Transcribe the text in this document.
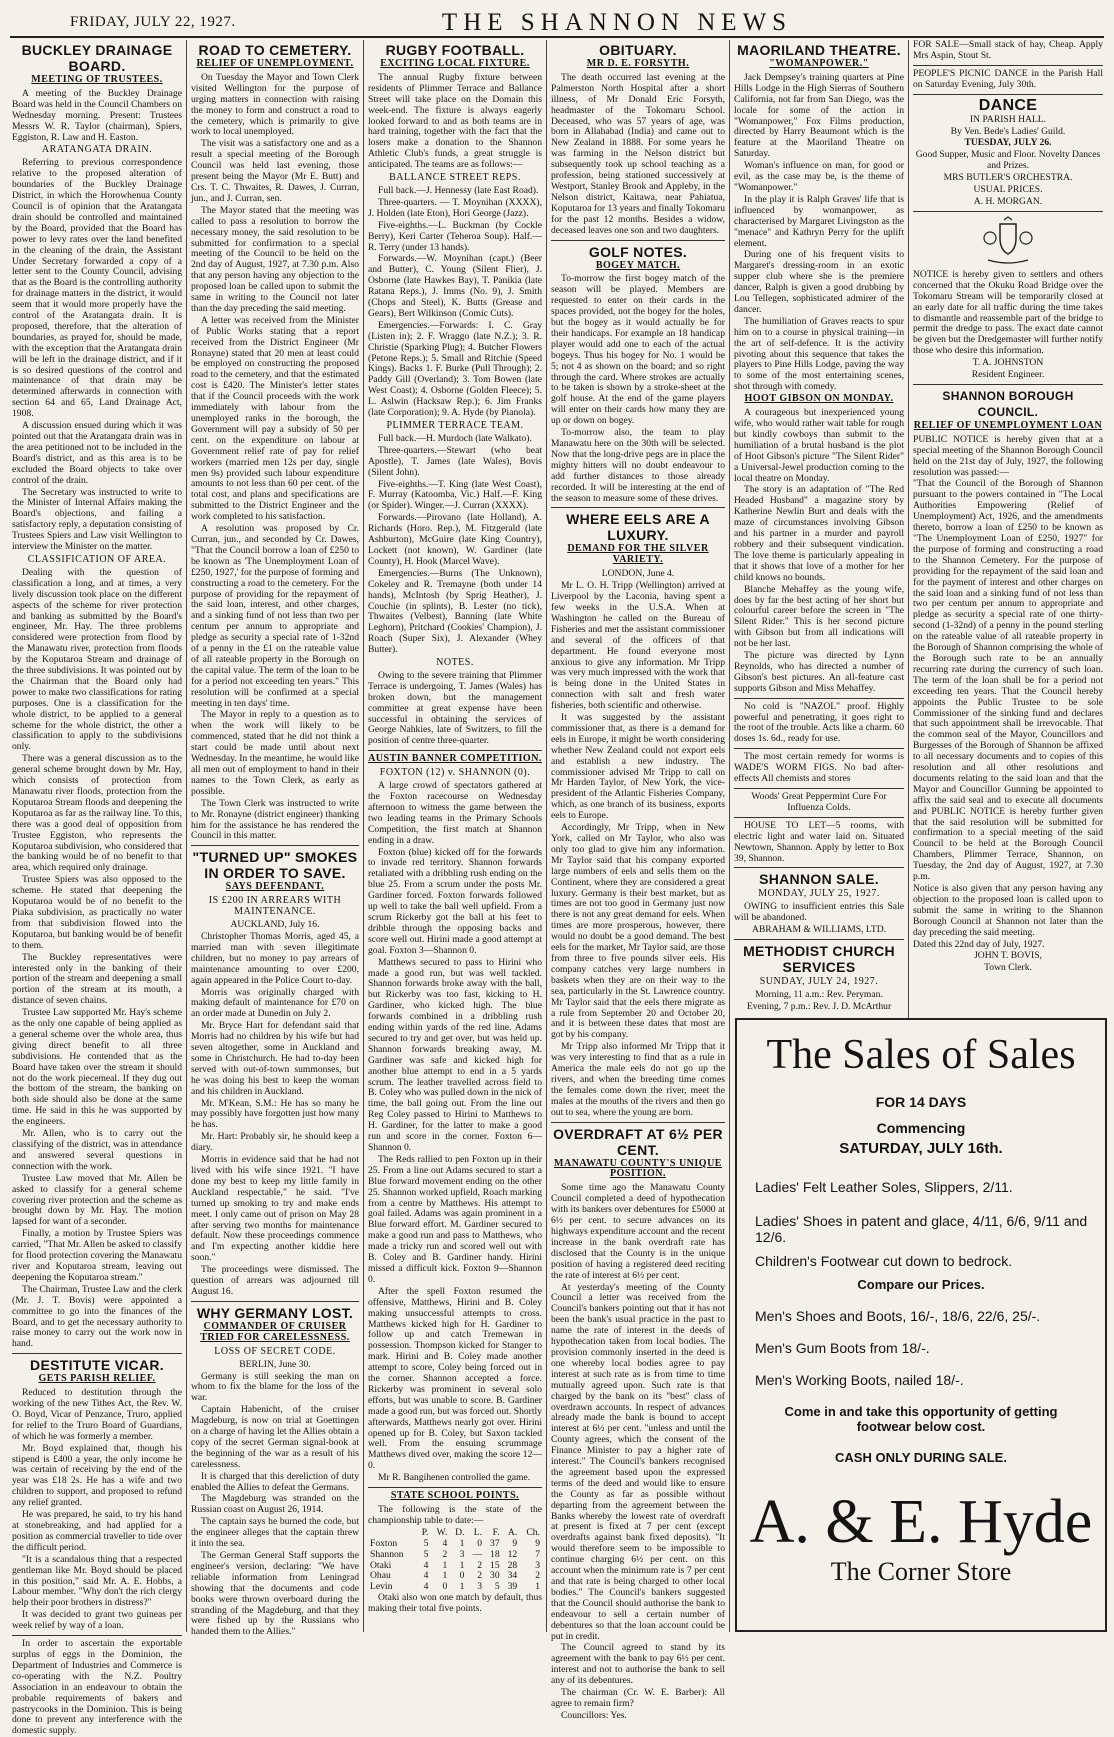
FRIDAY, JULY 22, 1927.	THE SHANNON NEWS
BUCKLEY DRAINAGE BOARD.
MEETING OF TRUSTEES.

A meeting of the Buckley Drainage Board was held in the Council Chambers on Wednesday morning. Present: Trustees Messrs W. R. Taylor (chairman), Spiers, Eggiston, R. Law and H. Easton.

ARATANGATA DRAIN.

Referring to previous correspondence relative to the proposed alteration of boundaries of the Buckley Drainage District, in which the Horowhenua County Council is of opinion that the Aratangata drain should be controlled and maintained by the Board, provided that the Board has power to levy rates over the land benefited in the cleaning of the drain, the Assistant Under Secretary forwarded a copy of a letter sent to the County Council, advising that as the Board is the controlling authority for drainage matters in the district, it would seem that it would more properly have the control of the Aratangata drain. It is proposed, therefore, that the alteration of boundaries, as prayed for, should be made, with the exception that the Aratangata drain will be left in the drainage district, and if it is so desired questions of the control and maintenance of that drain may be determined afterwards in connection with section 64 and 65, Land Drainage Act, 1908.

A discussion ensued during which it was pointed out that the Aratangata drain was in the area petitioned not to be included in the Board's district, and as this area is to be excluded the Board objects to take over control of the drain.

The Secretary was instructed to write to the Minister of Internal Affairs making the Board's objections, and failing a satisfactory reply, a deputation consisting of Trustees Spiers and Law visit Wellington to interview the Minister on the matter.

CLASSIFICATION OF AREA.

Dealing with the question of classification a long, and at times, a very lively discussion took place on the different aspects of the scheme for river protection and banking as submitted by the Board's engineer, Mr. Hay. The three problems considered were protection from flood by the Manawatu river, protection from floods by the Koputaroa Stream and drainage of the three subdivisions. It was pointed out by the Chairman that the Board only had power to make two classifications for rating purposes. One is a classification for the whole district, to be applied to a general scheme for the whole district, the other a classification to apply to the subdivisions only.

There was a general discussion as to the general scheme brought down by Mr. Hay, which consists of protection from Manawatu river floods, protection from the Koputaroa Stream floods and deepening the Koputaroa as far as the railway line. To this, there was a good deal of opposition from Trustee Eggiston, who represents the Koputaroa subdivision, who considered that the banking would be of no benefit to that area, which required only drainage.

Trustee Spiers was also opposed to the scheme. He stated that deepening the Koputaroa would be of no benefit to the Piaka subdivision, as practically no water from that subdivision flowed into the Koputaroa, but banking would be of benefit to them.

The Buckley representatives were interested only in the banking of their portion of the stream and deepening a small portion of the stream at its mouth, a distance of seven chains.

Trustee Law supported Mr. Hay's scheme as the only one capable of being applied as a general scheme over the whole area, thus giving direct benefit to all three subdivisions. He contended that as the Board have taken over the stream it should not do the work piecemeal. If they dug out the bottom of the stream, the banking on both side should also be done at the same time. He said in this he was supported by the engineers.

Mr. Allen, who is to carry out the classifying of the district, was in attendance and answered several questions in connection with the work.

Trustee Law moved that Mr. Allen be asked to classify for a general scheme covering river protection and the scheme as brought down by Mr. Hay. The motion lapsed for want of a seconder.

Finally, a motion by Trustee Spiers was carried, "That Mr. Allen be asked to classify for flood protection covering the Manawatu river and Koputaroa stream, leaving out deepening the Koputaroa stream."

The Chairman, Trustee Law and the clerk (Mr. J. T. Bovis) were appointed a committee to go into the finances of the Board, and to get the necessary authority to raise money to carry out the work now in hand.

DESTITUTE VICAR.
GETS PARISH RELIEF.

Reduced to destitution through the working of the new Tithes Act, the Rev. W. O. Boyd, Vicar of Penzance, Truro, applied for relief to the Truro Board of Guardians, of which he was formerly a member.

Mr. Boyd explained that, though his stipend is £400 a year, the only income he was certain of receiving by the end of the year was £18 2s. He has a wife and two children to support, and proposed to refund any relief granted.

He was prepared, he said, to try his hand at stonebreaking, and had applied for a position as commercial traveller to tide over the difficult period.

"It is a scandalous thing that a respected gentleman like Mr. Boyd should be placed in this position," said Mr. A. E. Hobbs, a Labour member. "Why don't the rich clergy help their poor brothers in distress?"

It was decided to grant two guineas per week relief by way of a loan.

In order to ascertain the exportable surplus of eggs in the Dominion, the Department of Industries and Commerce is co-operating with the N.Z. Poultry Association in an endeavour to obtain the probable requirements of bakers and pastrycooks in the Dominion. This is being done to prevent any interference with the domestic supply.

ROAD TO CEMETERY.
RELIEF OF UNEMPLOYMENT.

On Tuesday the Mayor and Town Clerk visited Wellington for the purpose of urging matters in connection with raising the money to form and construct a road to the cemetery, which is primarily to give work to local unemployed.

The visit was a satisfactory one and as a result a special meeting of the Borough Council was held last evening, those present being the Mayor (Mr E. Butt) and Crs. T. C. Thwaites, R. Dawes, J. Curran, jun., and J. Curran, sen.

The Mayor stated that the meeting was called to pass a resolution to borrow the necessary money, the said resolution to be submitted for confirmation to a special meeting of the Council to be held on the 2nd day of August, 1927, at 7.30 p.m. Also that any person having any objection to the proposed loan be called upon to submit the same in writing to the Council not later than the day preceding the said meeting.

A letter was received from the Minister of Public Works stating that a report received from the District Engineer (Mr Ronayne) stated that 20 men at least could be employed on constructing the proposed road to the cemetery, and that the estimated cost is £420. The Minister's letter states that if the Council proceeds with the work immediately with labour from the unemployed ranks in the borough, the Government will pay a subsidy of 50 per cent. on the expenditure on labour at Government relief rate of pay for relief workers (married men 12s per day, single men 9s) provided such labour expenditure amounts to not less than 60 per cent. of the total cost, and plans and specifications are submitted to the District Engineer and the work completed to his satisfaction.

A resolution was proposed by Cr. Curran, jun., and seconded by Cr. Dawes, "That the Council borrow a loan of £250 to be known as 'The Unemployment Loan of £250, 1927,' for the purpose of forming and constructing a road to the cemetery. For the purpose of providing for the repayment of the said loan, interest, and other charges, and a sinking fund of not less than two per centum per annum to appropriate and pledge as security a special rate of 1-32nd of a penny in the £1 on the rateable value of all rateable property in the Borough on the capital value. The term of the loan to be for a period not exceeding ten years." This resolution will be confirmed at a special meeting in ten days' time.

The Mayor in reply to a question as to when the work will likely to be commenced, stated that he did not think a start could be made until about next Wednesday. In the meantime, he would like all men out of employment to hand in their names to the Town Clerk, as early as possible.

The Town Clerk was instructed to write to Mr. Ronayne (district engineer) thanking him for the assistance he has rendered the Council in this matter.

"TURNED UP" SMOKES IN ORDER TO SAVE.
SAYS DEFENDANT.
IS £200 IN ARREARS WITH MAINTENANCE.

AUCKLAND, July 16.

Christopher Thomas Morris, aged 45, a married man with seven illegitimate children, but no money to pay arrears of maintenance amounting to over £200, again appeared in the Police Court to-day.

Morris was originally charged with making default of maintenance for £70 on an order made at Dunedin on July 2.

Mr. Bryce Hart for defendant said that Morris had no children by his wife but had seven altogether, some in Auckland and some in Christchurch. He had to-day been served with out-of-town summonses, but he was doing his best to keep the woman and his children in Auckland.

Mr. M'Kean, S.M.: He has so many he may possibly have forgotten just how many he has.

Mr. Hart: Probably sir, he should keep a diary.

Morris in evidence said that he had not lived with his wife since 1921. "I have done my best to keep my little family in Auckland respectable," he said. "I've turned up smoking to try and make ends meet. I only came out of prison on May 28 after serving two months for maintenance default. Now these proceedings commence and I'm expecting another kiddie here soon."

The proceedings were dismissed. The question of arrears was adjourned till August 16.

WHY GERMANY LOST.
COMMANDER OF CRUISER TRIED FOR CARELESSNESS.
LOSS OF SECRET CODE.

BERLIN, June 30.

Germany is still seeking the man on whom to fix the blame for the loss of the war.

Captain Habenicht, of the cruiser Magdeburg, is now on trial at Goettingen on a charge of having let the Allies obtain a copy of the secret German signal-book at the beginning of the war as a result of his carelessness.

It is charged that this dereliction of duty enabled the Allies to defeat the Germans.

The Magdeburg was stranded on the Russian coast on August 26, 1914.

The captain says he burned the code, but the engineer alleges that the captain threw it into the sea.

The German General Staff supports the engineer's version, declaring: "We have reliable information from Leningrad showing that the documents and code books were thrown overboard during the stranding of the Magdeburg, and that they were fished up by the Russians who handed them to the Allies."

RUGBY FOOTBALL.
EXCITING LOCAL FIXTURE.

The annual Rugby fixture between residents of Plimmer Terrace and Ballance Street will take place on the Domain this week-end. The fixture is always eagerly looked forward to and as both teams are in hard training, together with the fact that the losers make a donation to the Shannon Athletic Club's funds, a great struggle is anticipated. The teams are as follows:—

BALLANCE STREET REPS.

Full back.—J. Hennessy (late East Road).

Three-quarters. — T. Moynihan (XXXX), J. Holden (late Eton), Hori George (Jazz).

Five-eighths.—L. Buckman (by Cockle Berry), Keri Carter (Teheroa Soup). Half.—R. Terry (under 13 hands).

Forwards.—W. Moynihan (capt.) (Beer and Butter), C. Young (Silent Flier), J. Osborne (late Hawkes Bay), T. Panikia (late Ratana Reps.), J. Imms (No. 9), J. Smith (Chops and Steel), K. Butts (Grease and Gears), Bert Wilkinson (Comic Cuts).

Emergencies.—Forwards: I. C. Gray (Listen in); 2. F. Wraggo (late N.Z.); 3. R. Christie (Sparking Plug); 4. Butcher Flowers (Petone Reps.); 5. Small and Ritchie (Speed Kings). Backs 1. F. Burke (Pull Through); 2. Paddy Gill (Overland); 3. Tom Bowen (late West Coast); 4. Osborne (Golden Fleece); 5. L. Aslwin (Hacksaw Rep.); 6. Jim Franks (late Corporation); 9. A. Hyde (by Pianola).

PLIMMER TERRACE TEAM.

Full back.—H. Murdoch (late Walkato).

Three-quarters.—Stewart (who beat Apostle), T. James (late Wales), Bovis (Silent John).

Five-eighths.—T. King (late West Coast), F. Murray (Katoomba, Vic.) Half.—F. King (or Spider). Winger.—J. Curran (XXXX).

Forwards.—Pirovano (late Holland), A. Richards (Horo. Rep.), M. Fitzgerald (late Ashburton), McGuire (late King Country), Lockett (not known), W. Gardiner (late County), H. Hook (Marcel Wave).

Emergencies.—Burns (The Unknown), Cokeley and R. Tremayne (both under 14 hands), McIntosh (by Sprig Heather), J. Couchie (in splints), B. Lester (no tick), Thwaites (Velbest), Banning (late White Leghorn), Pritchard (Cookies' Champion), J. Roach (Super Six), J. Alexander (Whey Butter).

NOTES.

Owing to the severe training that Plimmer Terrace is undergoing, T. James (Wales) has broken down, but the management committee at great expense have been successful in obtaining the services of George Nahkies, late of Switzers, to fill the position of centre three-quarter.

AUSTIN BANNER COMPETITION.
FOXTON (12) v. SHANNON (0).

A large crowd of spectators gathered at the Foxton racecourse on Wednesday afternoon to witness the game between the two leading teams in the Primary Schools Competition, the first match at Shannon ending in a draw.

Foxton (blue) kicked off for the forwards to invade red territory. Shannon forwards retaliated with a dribbling rush ending on the blue 25. From a scrum under the posts Mr. Gardiner forced. Foxton forwards followed up well to take the ball well upfield. From a scrum Rickerby got the ball at his feet to dribble through the opposing backs and score well out. Hirini made a good attempt at goal. Foxton 3—Shannon 0.

Matthews secured to pass to Hirini who made a good run, but was well tackled. Shannon forwards broke away with the ball, but Rickerby was too fast, kicking to H. Gardiner, who kicked high. The blue forwards combined in a dribbling rush ending within yards of the red line. Adams secured to try and get over, but was held up. Shannon forwards breaking away, M. Gardiner was safe and kicked high for another blue attempt to end in a 5 yards scrum. The leather travelled across field to B. Coley who was pulled down in the nick of time, the ball going out. From the line out Reg Coley passed to Hirini to Matthews to H. Gardiner, for the latter to make a good run and score in the corner. Foxton 6—Shannon 0.

The Reds rallied to pen Foxton up in their 25. From a line out Adams secured to start a Blue forward movement ending on the other 25. Shannon worked upfield, Roach marking from a centre by Matthews. His attempt to goal failed. Adams was again prominent in a Blue forward effort. M. Gardiner secured to make a good run and pass to Matthews, who made a tricky run and scored well out with B. Coley and B. Gardiner handy. Hirini missed a difficult kick. Foxton 9—Shannon 0.

After the spell Foxton resumed the offensive, Matthews, Hirini and B. Coley making unsuccessful attempts to cross. Matthews kicked high for H. Gardiner to follow up and catch Tremewan in possession. Thompson kicked for Stanger to mark. Hirini and B. Coley made another attempt to score, Coley being forced out in the corner. Shannon accepted a force. Rickerby was prominent in several solo efforts, but was unable to score. B. Gardiner made a good run, but was forced out. Shortly afterwards, Matthews nearly got over. Hirini opened up for B. Coley, but Saxon tackled well. From the ensuing scrummage Matthews dived over, making the score 12—0.

Mr R. Bangihenen controlled the game.

STATE SCHOOL POINTS.

The following is the state of the championship table to date:—

	P.	W.	D.	L.	F.	A.	Ch.
Foxton	5	4	1	0	37	9	9
Shannon	5	2	3	—	18	12	7
Otaki	4	1	1	2	15	28	3
Ohau	4	1	0	2	30	34	2
Levin	4	0	1	3	5	39	1

Otaki also won one match by default, thus making their total five points.

OBITUARY.
MR D. E. FORSYTH.

The death occurred last evening at the Palmerston North Hospital after a short illness, of Mr Donald Eric Forsyth, headmaster of the Tokomaru School. Deceased, who was 57 years of age, was born in Allahabad (India) and came out to New Zealand in 1888. For some years he was farming in the Nelson district but subsequently took up school teaching as a profession, being stationed successively at Westport, Stanley Brook and Appleby, in the Nelson district, Kaitawa, near Pahiatua, Koputaroa for 13 years and finally Tokomaru for the past 12 months. Besides a widow, deceased leaves one son and two daughters.

GOLF NOTES.
BOGEY MATCH.

To-morrow the first bogey match of the season will be played. Members are requested to enter on their cards in the spaces provided, not the bogey for the holes, but the bogey as it would actually be for their handicaps. For example an 18 handicap player would add one to each of the actual bogeys. Thus his bogey for No. 1 would be 5; not 4 as shown on the board; and so right through the card. Where strokes are actually to be taken is shown by a stroke-sheet at the golf house. At the end of the game players will enter on their cards how many they are up or down on bogey.

To-morrow also, the team to play Manawatu here on the 30th will be selected. Now that the long-drive pegs are in place the mighty hitters will no doubt endeavour to add further distances to those already recorded. It will be interesting at the end of the season to measure some of these drives.

WHERE EELS ARE A LUXURY.
DEMAND FOR THE SILVER VARIETY.

LONDON, June 4.

Mr L. O. H. Tripp (Wellington) arrived at Liverpool by the Laconia, having spent a few weeks in the U.S.A. When at Washington he called on the Bureau of Fisheries and met the assistant commissioner and several of the officers of that department. He found everyone most anxious to give any information. Mr Tripp was very much impressed with the work that is being done in the United States in connection with salt and fresh water fisheries, both scientific and otherwise.

It was suggested by the assistant commissioner that, as there is a demand for eels in Europe, it might be worth considering whether New Zealand could not export eels and establish a new industry. The commissioner advised Mr Tripp to call on Mr Harden Taylor, of New York, the vice-president of the Atlantic Fisheries Company, which, as one branch of its business, exports eels to Europe.

Accordingly, Mr Tripp, when in New York, called on Mr Taylor, who also was only too glad to give him any information. Mr Taylor said that his company exported large numbers of eels and sells them on the Continent, where they are considered a great luxury. Germany is their best market, but as times are not too good in Germany just now there is not any great demand for eels. When times are more prosperous, however, there would no doubt be a good demand. The best eels for the market, Mr Taylor said, are those from three to five pounds silver eels. His company catches very large numbers in baskets when they are on their way to the sea, particularly in the St. Lawrence country. Mr Taylor said that the eels there migrate as a rule from September 20 and October 20, and it is between these dates that most are got by his company.

Mr Tripp also informed Mr Tripp that it was very interesting to find that as a rule in America the male eels do not go up the rivers, and when the breeding time comes the females come down the river, meet the males at the mouths of the rivers and then go out to sea, where the young are born.

OVERDRAFT AT 6½ PER CENT.
MANAWATU COUNTY'S UNIQUE POSITION.

Some time ago the Manawatu County Council completed a deed of hypothecation with its bankers over debentures for £5000 at 6½ per cent. to secure advances on its highways expenditure account and the recent increase in the bank overdraft rate has disclosed that the County is in the unique position of having a registered deed reciting the rate of interest at 6½ per cent.

At yesterday's meeting of the County Council a letter was received from the Council's bankers pointing out that it has not been the bank's usual practice in the past to name the rate of interest in the deeds of hypothecation taken from local bodies. The provision commonly inserted in the deed is one whereby local bodies agree to pay interest at such rate as is from time to time mutually agreed upon. Such rate is that charged by the bank on its "best" class of overdrawn accounts. In respect of advances already made the bank is bound to accept interest at 6½ per cent. "unless and until the County agrees, which the consent of the Finance Minister to pay a higher rate of interest." The Council's bankers recognised the agreement based upon the expressed terms of the deed and would like to ensure the County as far as possible without departing from the agreement between the Banks whereby the lowest rate of overdraft at present is fixed at 7 per cent (except overdrafts against bank fixed deposits). "It would therefore seem to be impossible to continue charging 6½ per cent. on this account when the minimum rate is 7 per cent and that rate is being charged to other local bodies." The Council's bankers suggested that the Council should authorise the bank to endeavour to sell a certain number of debentures so that the loan account could be put in credit.

The Council agreed to stand by its agreement with the bank to pay 6½ per cent. interest and not to authorise the bank to sell any of its debentures.

The chairman (Cr. W. E. Barber): All agree to remain firm?

Councillors: Yes.

MAORILAND THEATRE.
"WOMANPOWER."

Jack Dempsey's training quarters at Pine Hills Lodge in the High Sierras of Southern California, not far from San Diego, was the locale for some of the action in "Womanpower," Fox Films production, directed by Harry Beaumont which is the feature at the Maoriland Theatre on Saturday.

Woman's influence on man, for good or evil, as the case may be, is the theme of "Womanpower."

In the play it is Ralph Graves' life that is influenced by womanpower, as characterised by Margaret Livingston as the "menace" and Kathryn Perry for the uplift element.

During one of his frequent visits to Margaret's dressing-room in an exotic supper club where she is the premiere dancer, Ralph is given a good drubbing by Lou Tellegen, sophisticated admirer of the dancer.

The humiliation of Graves reacts to spur him on to a course in physical training—in the art of self-defence. It is the activity pivoting about this sequence that takes the players to Pine Hills Lodge, paving the way to some of the most entertaining scenes, shot through with comedy.

HOOT GIBSON ON MONDAY.

A courageous but inexperienced young wife, who would rather wait table for rough but kindly cowboys than submit to the humiliation of a brutal husband is the plot of Hoot Gibson's picture "The Silent Rider" a Universal-Jewel production coming to the local theatre on Monday.

The story is an adaptation of "The Red Headed Husband" a magazine story by Katherine Newlin Burt and deals with the maze of circumstances involving Gibson and his partner in a murder and payroll robbery and their subsequent vindication. The love theme is particularly appealing in that it shows that love of a mother for her child knows no bounds.

Blanche Mehaffey as the young wife, does by far the best acting of her short but colourful career before the screen in "The Silent Rider." This is her second picture with Gibson but from all indications will not be her last.

The picture was directed by Lynn Reynolds, who has directed a number of Gibson's best pictures. An all-feature cast supports Gibson and Miss Mehaffey.

No cold is "NAZOL" proof. Highly powerful and penetrating, it goes right to the root of the trouble. Acts like a charm. 60 doses 1s. 6d., ready for use.

The most certain remedy for worms is WADE'S WORM FIGS. No bad after-effects All chemists and stores

Woods' Great Peppermint Cure For Influenza Colds.

HOUSE TO LET—5 rooms, with electric light and water laid on. Situated Newtown, Shannon. Apply by letter to Box 39, Shannon.

SHANNON SALE.
MONDAY, JULY 25, 1927.

OWING to insufficient entries this Sale will be abandoned.

ABRAHAM & WILLIAMS, LTD.

METHODIST CHURCH SERVICES
SUNDAY, JULY 24, 1927.

Morning, 11 a.m.: Rev. Peryman.

Evening, 7 p.m.: Rev. J. D. McArthur

FOR SALE—Small stack of hay, Cheap. Apply Mrs Aspin, Stout St.

PEOPLE'S PICNIC DANCE in the Parish Hall on Saturday Evening, July 30th.

DANCE

IN PARISH HALL.

By Ven. Bede's Ladies' Guild.

TUESDAY, JULY 26.

Good Supper, Music and Floor. Novelty Dances and Prizes.

MRS BUTLER'S ORCHESTRA.

USUAL PRICES.

A. H. MORGAN.

NOTICE is hereby given to settlers and others concerned that the Okuku Road Bridge over the Tokomaru Stream will be temporarily closed at an early date for all traffic during the time takes to dismantle and reassemble part of the bridge to permit the dredge to pass. The exact date cannot be given but the Dredgemaster will further notify those who desire this information.

T. A. JOHNSTON

Resident Engineer.

SHANNON BOROUGH COUNCIL.
RELIEF OF UNEMPLOYMENT LOAN

PUBLIC NOTICE is hereby given that at a special meeting of the Shannon Borough Council held on the 21st day of July, 1927, the following resolution was passed:—

"That the Council of the Borough of Shannon pursuant to the powers contained in "The Local Authorities Empowering (Relief of Unemployment) Act, 1926, and the amendments thereto, borrow a loan of £250 to be known as "The Unemployment Loan of £250, 1927" for the purpose of forming and constructing a road to the Shannon Cemetery. For the purpose of providing for the repayment of the said loan and for the payment of interest and other charges on the said loan and a sinking fund of not less than two per centum per annum to appropriate and pledge as security a special rate of one thirty-second (1-32nd) of a penny in the pound sterling on the rateable value of all rateable property in the Borough of Shannon comprising the whole of the Borough such rate to be an annually recurring rate during the currency of such loan. The term of the loan shall be for a period not exceeding ten years. That the Council hereby appoints the Public Trustee to be sole Commissioner of the sinking fund and declares that such appointment shall be irrevocable. That the common seal of the Mayor, Councillors and Burgesses of the Borough of Shannon be affixed to all necessary documents and to copies of this resolution and all other resolutions and documents relating to the said loan and that the Mayor and Councillor Gunning be appointed to affix the said seal and to execute all documents and PUBLIC NOTICE is hereby further given that the said resolution will be submitted for confirmation to a special meeting of the said Council to be held at the Borough Council Chambers, Plimmer Terrace, Shannon, on Tuesday, the 2nd day of August, 1927, at 7.30 p.m.

Notice is also given that any person having any objection to the proposed loan is called upon to submit the same in writing to the Shannon Borough Council at Shannon not later than the day preceding the said meeting.

Dated this 22nd day of July, 1927.

JOHN T. BOVIS,

Town Clerk.

The Sales of Sales
FOR 14 DAYS
Commencing
SATURDAY, JULY 16th.
Ladies' Felt Leather Soles, Slippers, 2/11.
Ladies' Shoes in patent and glace, 4/11, 6/6, 9/11 and 12/6.
Children's Footwear cut down to bedrock.
Compare our Prices.
Men's Shoes and Boots, 16/-, 18/6, 22/6, 25/-.
Men's Gum Boots from 18/-.
Men's Working Boots, nailed 18/-.
Come in and take this opportunity of getting footwear below cost.
CASH ONLY DURING SALE.
A. & E. Hyde
The Corner Store
